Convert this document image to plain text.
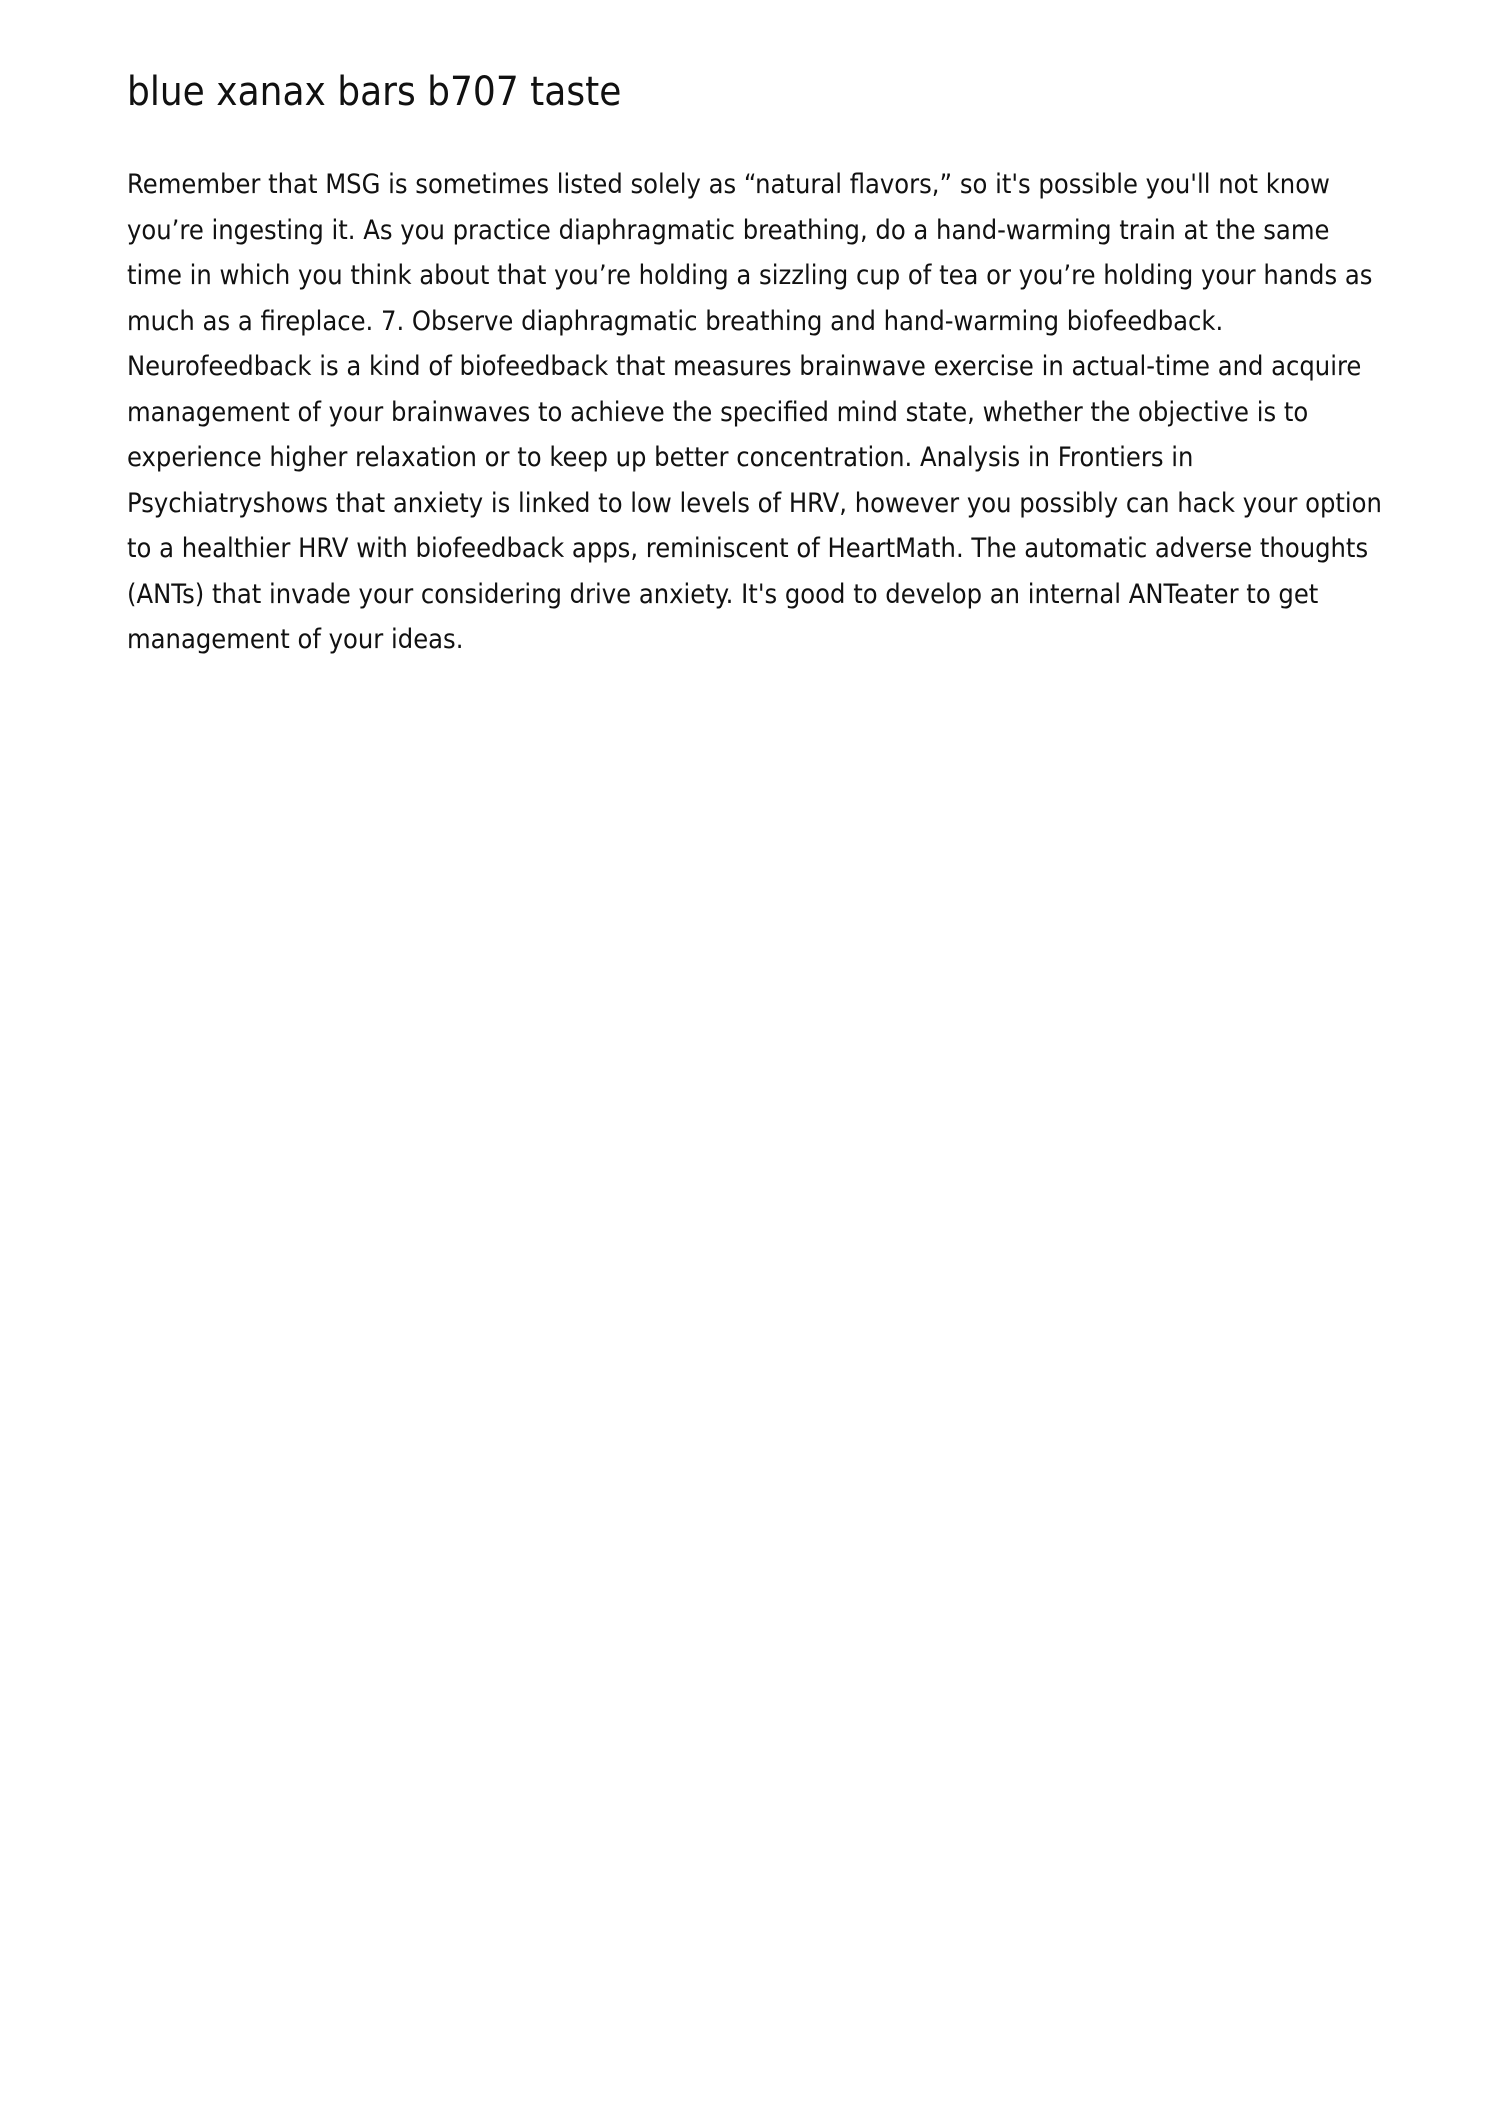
blue xanax bars b707 taste

Remember that MSG is sometimes listed solely as “natural flavors,” so it's possible you'll not know you’re ingesting it. As you practice diaphragmatic breathing, do a hand-warming train at the same time in which you think about that you’re holding a sizzling cup of tea or you’re holding your hands as much as a fireplace. 7. Observe diaphragmatic breathing and hand-warming biofeedback. Neurofeedback is a kind of biofeedback that measures brainwave exercise in actual-time and acquire management of your brainwaves to achieve the specified mind state, whether the objective is to experience higher relaxation or to keep up better concentration. Analysis in Frontiers in Psychiatryshows that anxiety is linked to low levels of HRV, however you possibly can hack your option to a healthier HRV with biofeedback apps, reminiscent of HeartMath. The automatic adverse thoughts (ANTs) that invade your considering drive anxiety. It's good to develop an internal ANTeater to get management of your ideas.
